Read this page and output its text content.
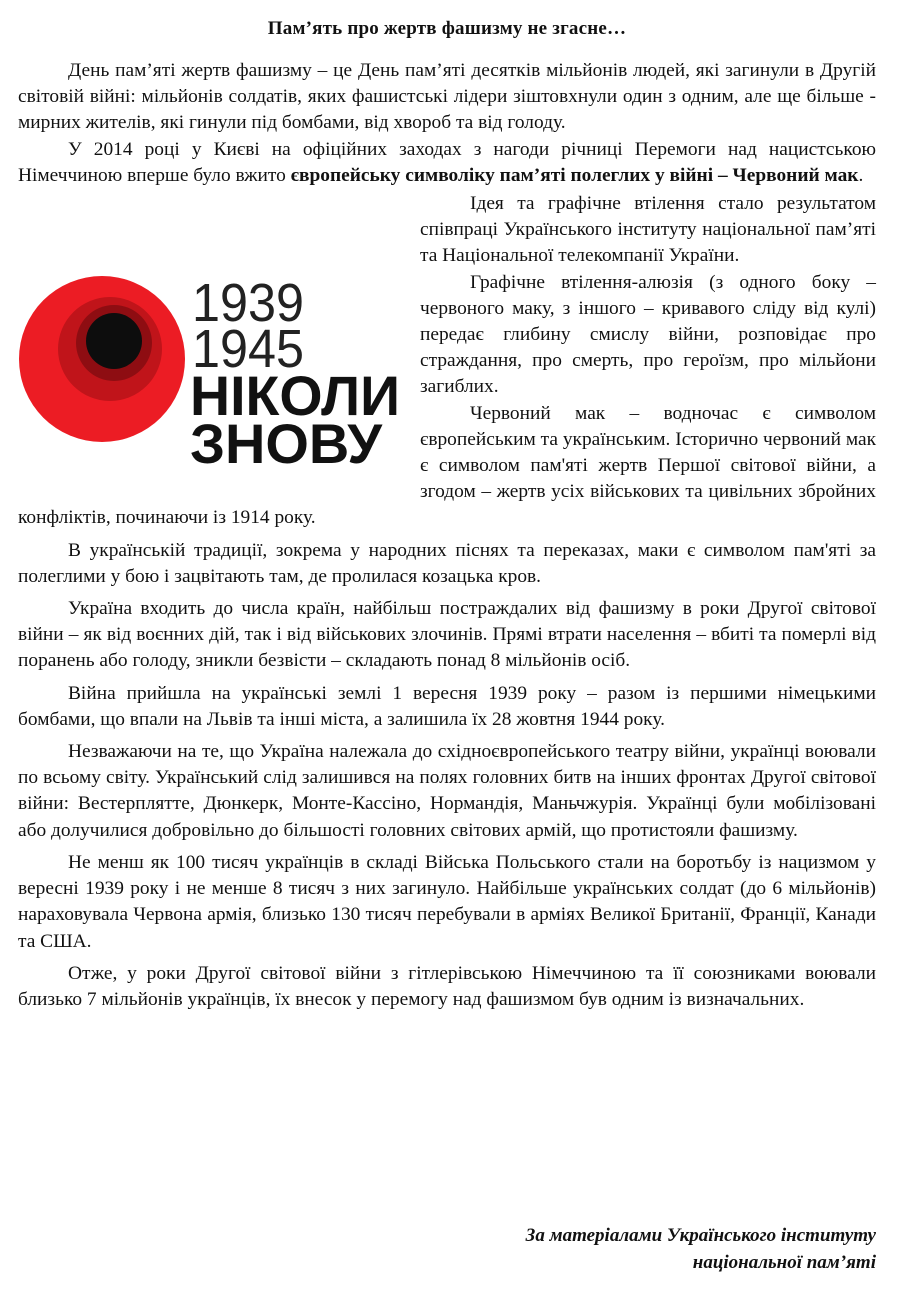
Пам’ять про жертв фашизму не згасне…

День пам’яті жертв фашизму – це День пам’яті десятків мільйонів людей, які загинули в Другій світовій війні: мільйонів солдатів, яких фашистські лідери зіштовхнули один з одним, але ще більше - мирних жителів, які гинули під бомбами, від хвороб та від голоду.

У 2014 році у Києві на офіційних заходах з нагоди річниці Перемоги над нацистською Німеччиною вперше було вжито європейську символіку пам’яті полеглих у війні – Червоний мак.

1939
1945
НІКОЛИ
ЗНОВУ

Ідея та графічне втілення стало результатом співпраці Українського інституту національної пам’яті та Національної телекомпанії України.

Графічне втілення-алюзія (з одного боку – червоного маку, з іншого – кривавого сліду від кулі) передає глибину смислу війни, розповідає про страждання, про смерть, про героїзм, про мільйони загиблих.

Червоний мак – водночас є символом європейським та українським. Історично червоний мак є символом пам'яті жертв Першої світової війни, а згодом – жертв усіх військових та цивільних збройних конфліктів, починаючи із 1914 року.

В українській традиції, зокрема у народних піснях та переказах, маки є символом пам'яті за полеглими у бою і зацвітають там, де пролилася козацька кров.

Україна входить до числа країн, найбільш постраждалих від фашизму в роки Другої світової війни – як від воєнних дій, так і від військових злочинів. Прямі втрати населення – вбиті та померлі від поранень або голоду, зникли безвісти – складають понад 8 мільйонів осіб.

Війна прийшла на українські землі 1 вересня 1939 року – разом із першими німецькими бомбами, що впали на Львів та інші міста, а залишила їх 28 жовтня 1944 року.

Незважаючи на те, що Україна належала до східноєвропейського театру війни, українці воювали по всьому світу. Український слід залишився на полях головних битв на інших фронтах Другої світової війни: Вестерплятте, Дюнкерк, Монте-Кассіно, Нормандія, Маньчжурія. Українці були мобілізовані або долучилися добровільно до більшості головних світових армій, що протистояли фашизму.

Не менш як 100 тисяч українців в складі Війська Польського стали на боротьбу із нацизмом у вересні 1939 року і не менше 8 тисяч з них загинуло. Найбільше українських солдат (до 6 мільйонів) нараховувала Червона армія, близько 130 тисяч перебували в арміях Великої Британії, Франції, Канади та США.

Отже, у роки Другої світової війни з гітлерівською Німеччиною та її союзниками воювали близько 7 мільйонів українців, їх внесок у перемогу над фашизмом був одним із визначальних.

За матеріалами Українського інституту
національної пам’яті
